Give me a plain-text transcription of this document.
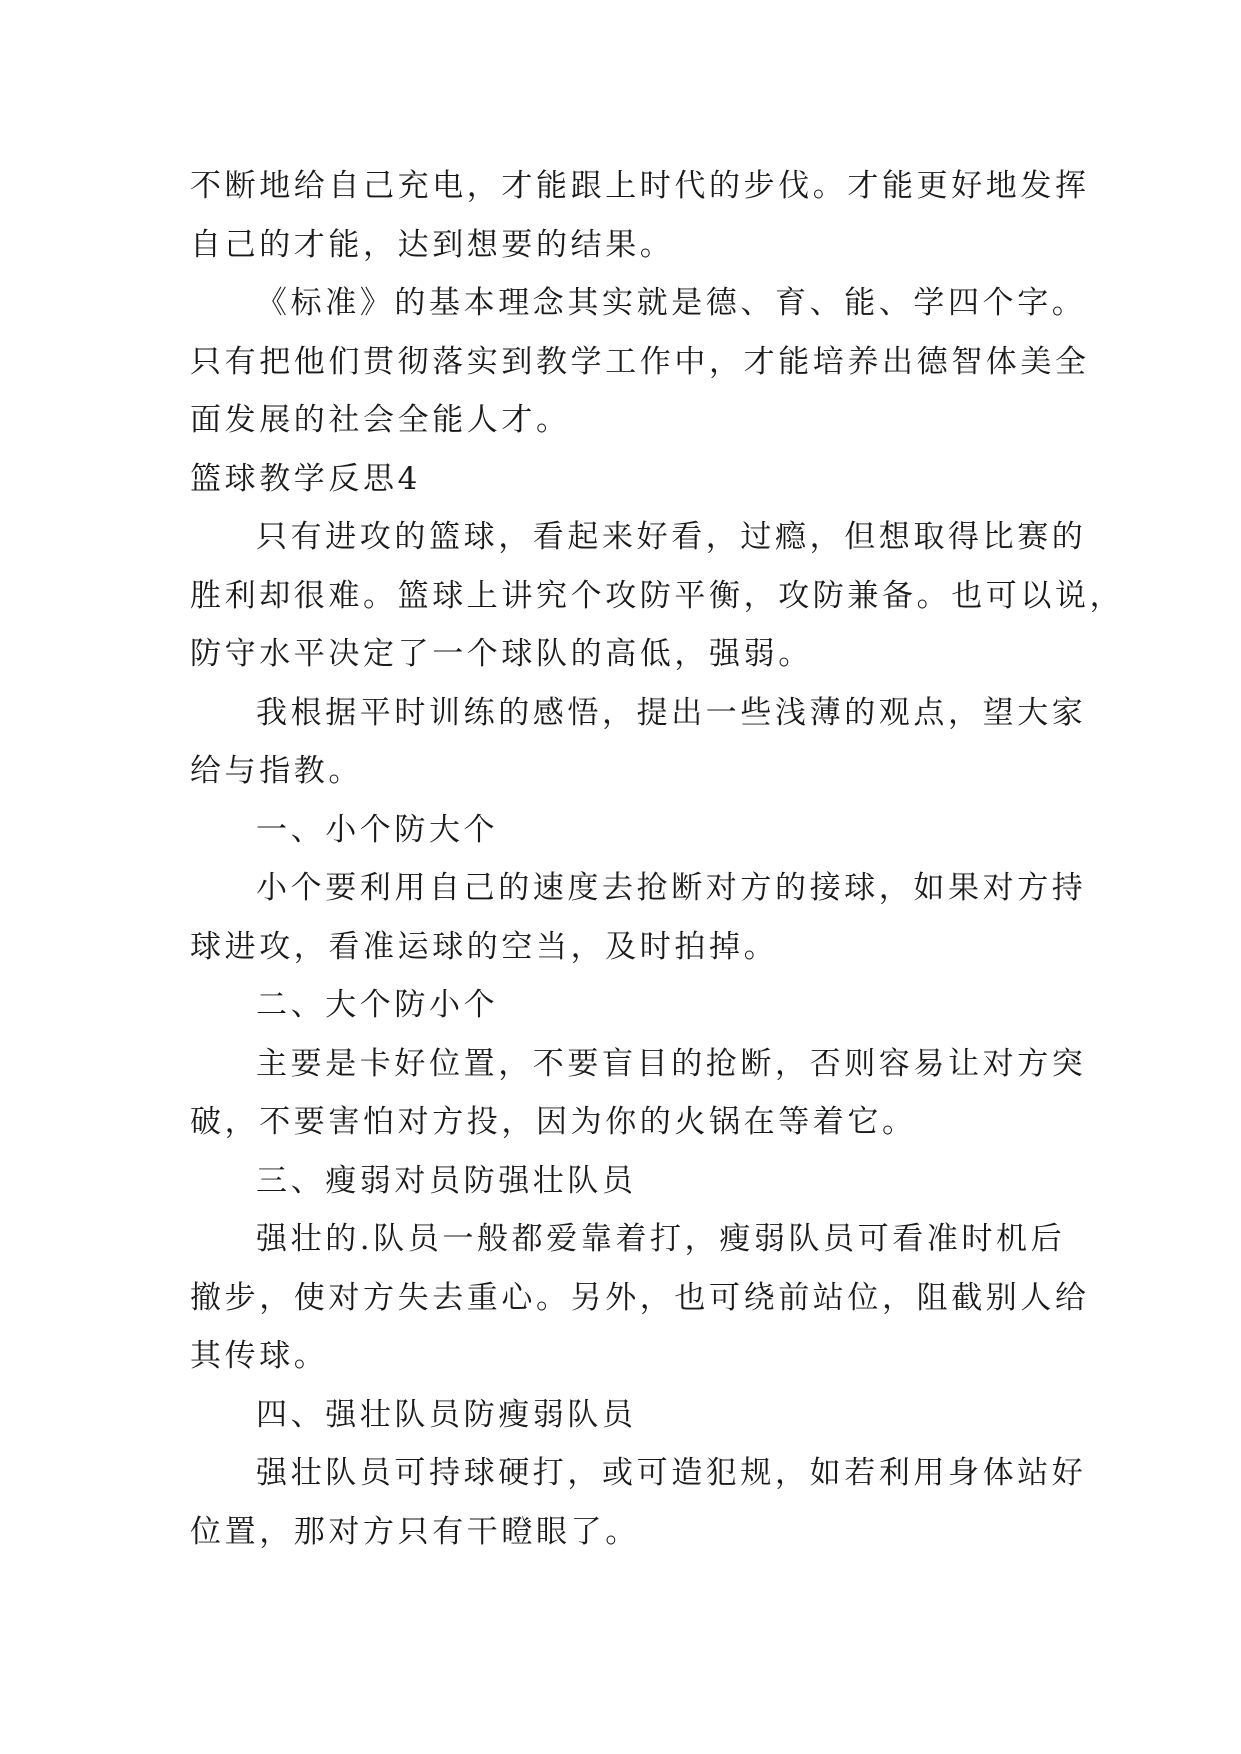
不断地给自己充电，才能跟上时代的步伐。才能更好地发挥
自己的才能，达到想要的结果。
《标准》的基本理念其实就是德、育、能、学四个字。
只有把他们贯彻落实到教学工作中，才能培养出德智体美全
面发展的社会全能人才。
篮球教学反思4
只有进攻的篮球，看起来好看，过瘾，但想取得比赛的
胜利却很难。篮球上讲究个攻防平衡，攻防兼备。也可以说，
防守水平决定了一个球队的高低，强弱。
我根据平时训练的感悟，提出一些浅薄的观点，望大家
给与指教。
一、小个防大个
小个要利用自己的速度去抢断对方的接球，如果对方持
球进攻，看准运球的空当，及时拍掉。
二、大个防小个
主要是卡好位置，不要盲目的抢断，否则容易让对方突
破，不要害怕对方投，因为你的火锅在等着它。
三、瘦弱对员防强壮队员
强壮的.队员一般都爱靠着打，瘦弱队员可看准时机后
撤步，使对方失去重心。另外，也可绕前站位，阻截别人给
其传球。
四、强壮队员防瘦弱队员
强壮队员可持球硬打，或可造犯规，如若利用身体站好
位置，那对方只有干瞪眼了。
